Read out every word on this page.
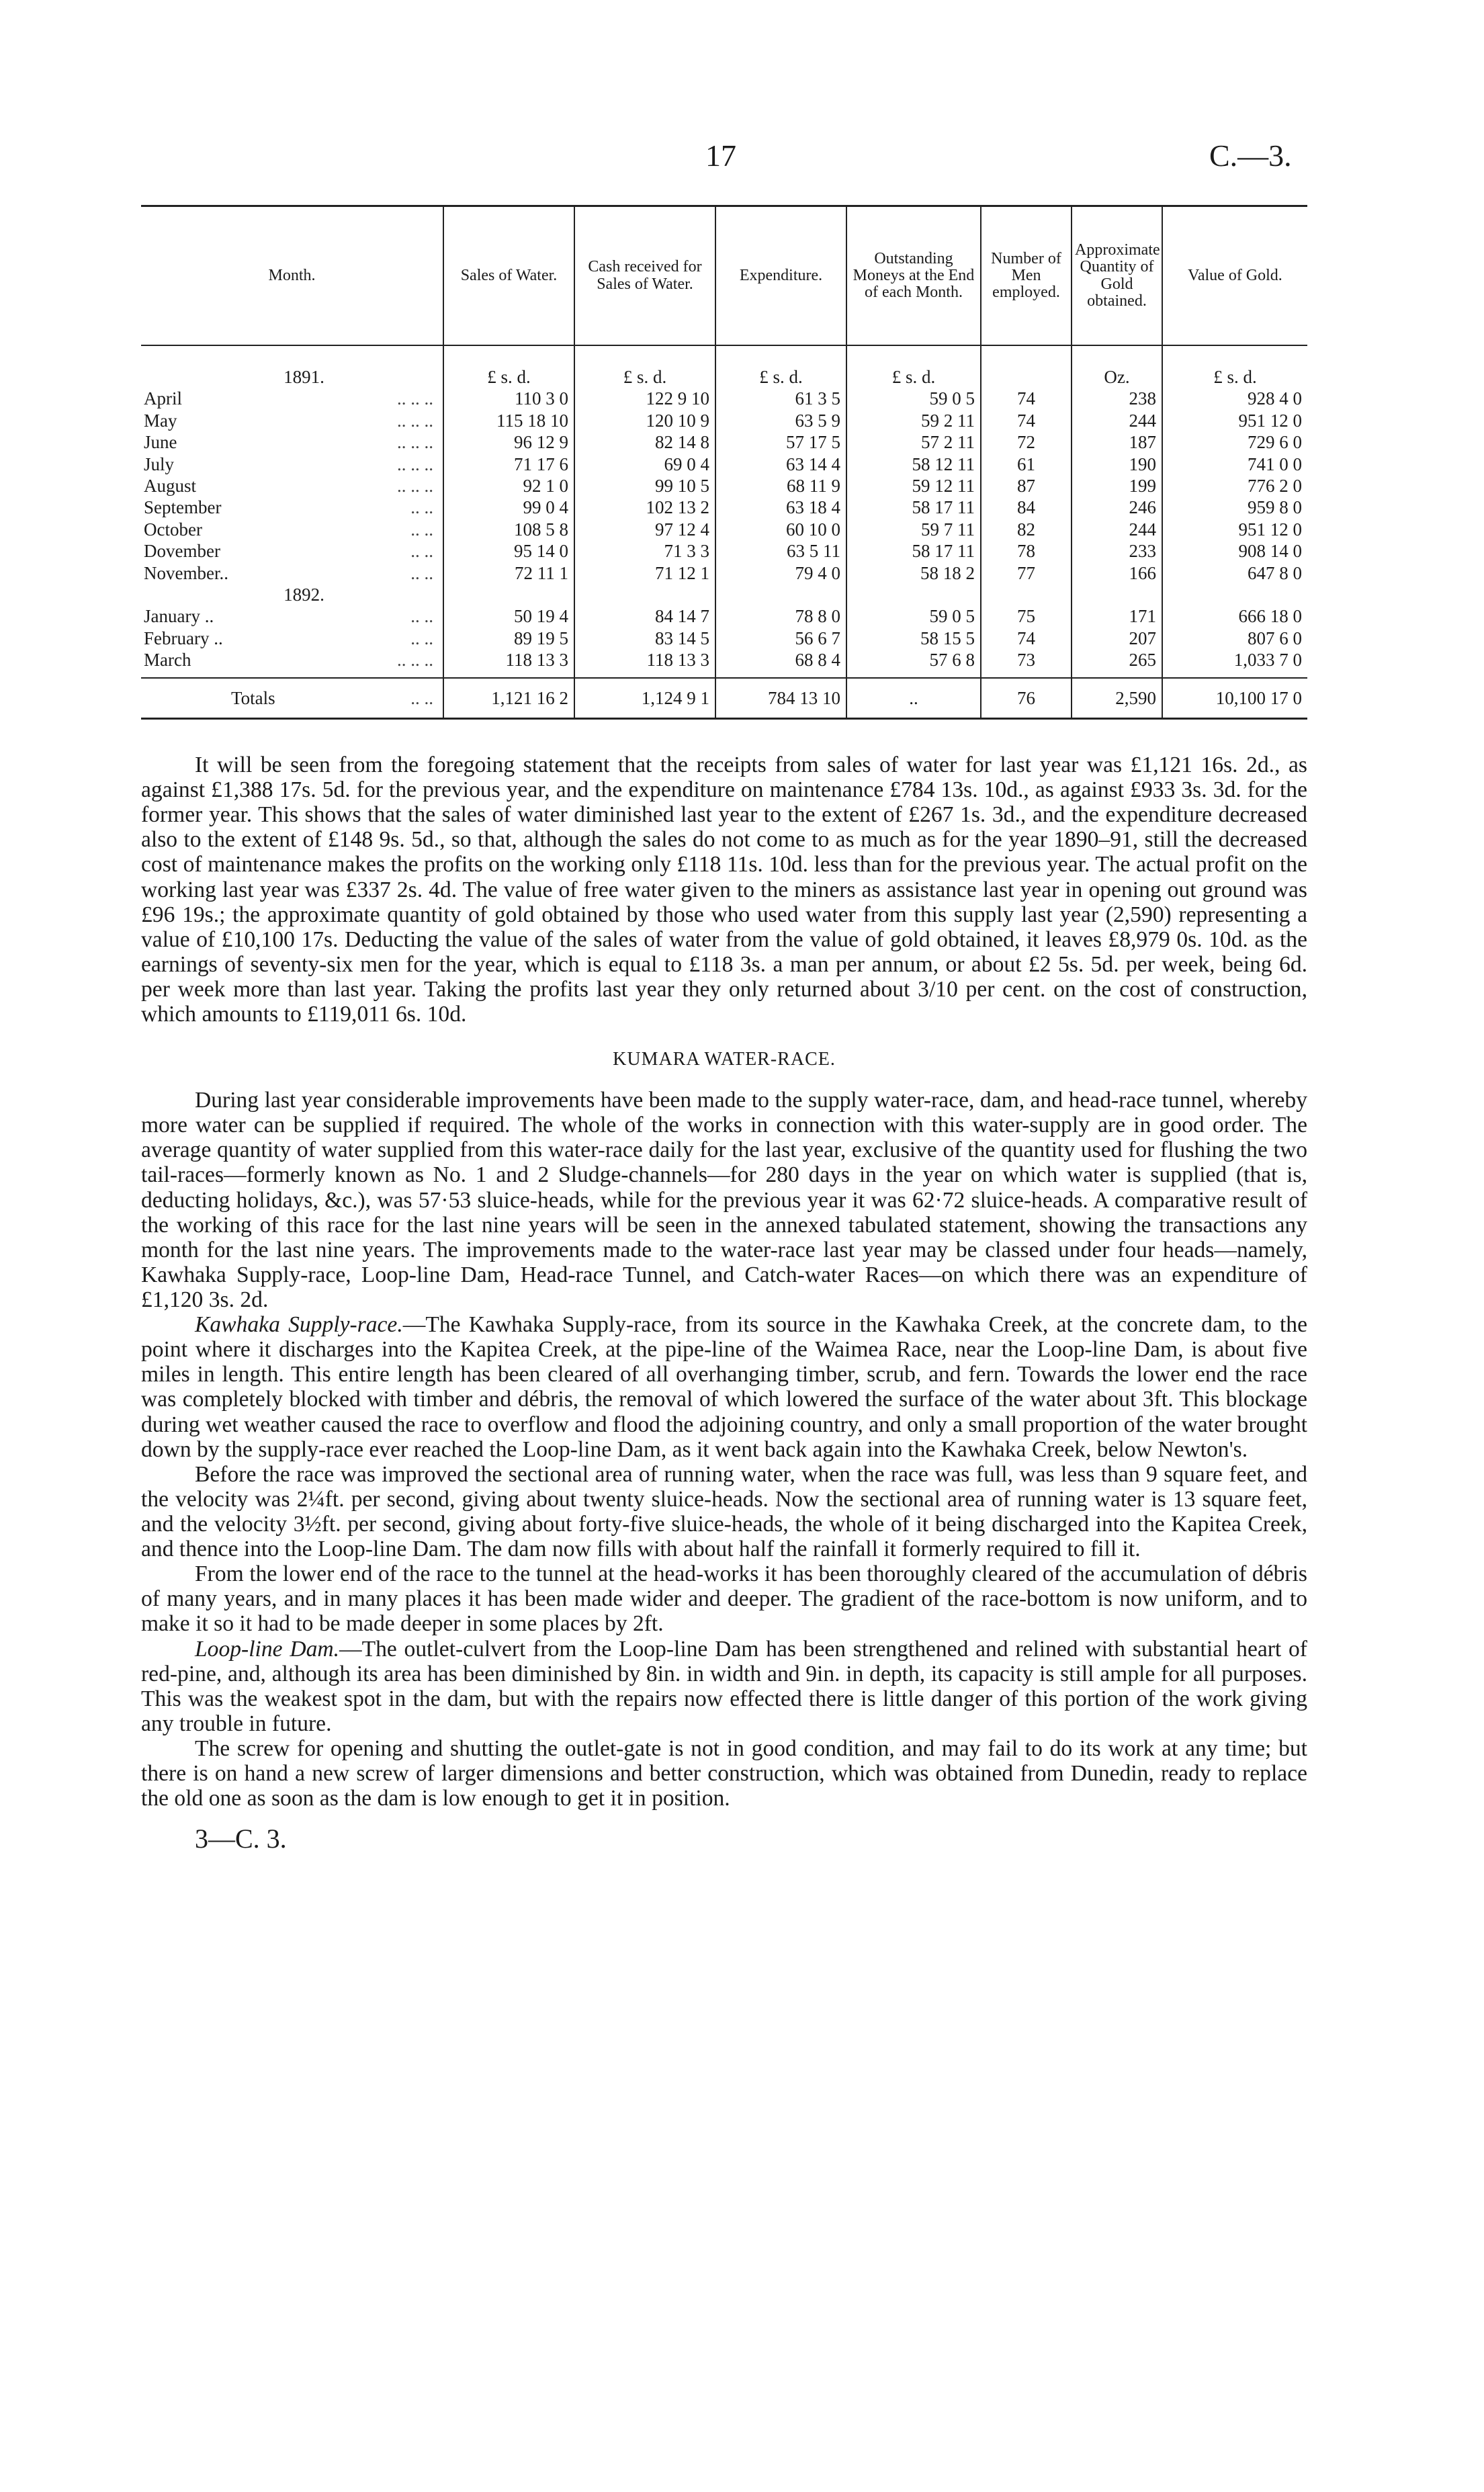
17	C.—3.
Month.	Sales of Water.	Cash received for Sales of Water.	Expenditure.	Outstanding Moneys at the End of each Month.	Number of Men employed.	Approximate Quantity of Gold obtained.	Value of Gold.

1891.	£ s. d.	£ s. d.	£ s. d.	£ s. d.		Oz.	£ s. d.
April .. .. ..	110 3 0	122 9 10	61 3 5	59 0 5	74	238	928 4 0
May .. .. ..	115 18 10	120 10 9	63 5 9	59 2 11	74	244	951 12 0
June .. .. ..	96 12 9	82 14 8	57 17 5	57 2 11	72	187	729 6 0
July .. .. ..	71 17 6	69 0 4	63 14 4	58 12 11	61	190	741 0 0
August .. .. ..	92 1 0	99 10 5	68 11 9	59 12 11	87	199	776 2 0
September .. ..	99 0 4	102 13 2	63 18 4	58 17 11	84	246	959 8 0
October .. ..	108 5 8	97 12 4	60 10 0	59 7 11	82	244	951 12 0
Dovember .. ..	95 14 0	71 3 3	63 5 11	58 17 11	78	233	908 14 0
November.. .. ..	72 11 1	71 12 1	79 4 0	58 18 2	77	166	647 8 0

1892.							

January .. .. ..	50 19 4	84 14 7	78 8 0	59 0 5	75	171	666 18 0
February .. .. ..	89 19 5	83 14 5	56 6 7	58 15 5	74	207	807 6 0
March .. .. ..	118 13 3	118 13 3	68 8 4	57 6 8	73	265	1,033 7 0
Totals .. ..	1,121 16 2	1,124 9 1	784 13 10	..	76	2,590	10,100 17 0

It will be seen from the foregoing statement that the receipts from sales of water for last year was £1,121 16s. 2d., as against £1,388 17s. 5d. for the previous year, and the expenditure on maintenance £784 13s. 10d., as against £933 3s. 3d. for the former year. This shows that the sales of water diminished last year to the extent of £267 1s. 3d., and the expenditure decreased also to the extent of £148 9s. 5d., so that, although the sales do not come to as much as for the year 1890–91, still the decreased cost of maintenance makes the profits on the working only £118 11s. 10d. less than for the previous year. The actual profit on the working last year was £337 2s. 4d. The value of free water given to the miners as assistance last year in opening out ground was £96 19s.; the approximate quantity of gold obtained by those who used water from this supply last year (2,590) representing a value of £10,100 17s. Deducting the value of the sales of water from the value of gold obtained, it leaves £8,979 0s. 10d. as the earnings of seventy-six men for the year, which is equal to £118 3s. a man per annum, or about £2 5s. 5d. per week, being 6d. per week more than last year. Taking the profits last year they only returned about 3/10 per cent. on the cost of construction, which amounts to £119,011 6s. 10d.

KUMARA WATER-RACE.

During last year considerable improvements have been made to the supply water-race, dam, and head-race tunnel, whereby more water can be supplied if required. The whole of the works in connection with this water-supply are in good order. The average quantity of water supplied from this water-race daily for the last year, exclusive of the quantity used for flushing the two tail-races—formerly known as No. 1 and 2 Sludge-channels—for 280 days in the year on which water is supplied (that is, deducting holidays, &c.), was 57·53 sluice-heads, while for the previous year it was 62·72 sluice-heads. A comparative result of the working of this race for the last nine years will be seen in the annexed tabulated statement, showing the transactions any month for the last nine years. The improvements made to the water-race last year may be classed under four heads—namely, Kawhaka Supply-race, Loop-line Dam, Head-race Tunnel, and Catch-water Races—on which there was an expenditure of £1,120 3s. 2d.

Kawhaka Supply-race.—The Kawhaka Supply-race, from its source in the Kawhaka Creek, at the concrete dam, to the point where it discharges into the Kapitea Creek, at the pipe-line of the Waimea Race, near the Loop-line Dam, is about five miles in length. This entire length has been cleared of all overhanging timber, scrub, and fern. Towards the lower end the race was completely blocked with timber and débris, the removal of which lowered the surface of the water about 3ft. This blockage during wet weather caused the race to overflow and flood the adjoining country, and only a small proportion of the water brought down by the supply-race ever reached the Loop-line Dam, as it went back again into the Kawhaka Creek, below Newton's.

Before the race was improved the sectional area of running water, when the race was full, was less than 9 square feet, and the velocity was 2¼ft. per second, giving about twenty sluice-heads. Now the sectional area of running water is 13 square feet, and the velocity 3½ft. per second, giving about forty-five sluice-heads, the whole of it being discharged into the Kapitea Creek, and thence into the Loop-line Dam. The dam now fills with about half the rainfall it formerly required to fill it.

From the lower end of the race to the tunnel at the head-works it has been thoroughly cleared of the accumulation of débris of many years, and in many places it has been made wider and deeper. The gradient of the race-bottom is now uniform, and to make it so it had to be made deeper in some places by 2ft.

Loop-line Dam.—The outlet-culvert from the Loop-line Dam has been strengthened and relined with substantial heart of red-pine, and, although its area has been diminished by 8in. in width and 9in. in depth, its capacity is still ample for all purposes. This was the weakest spot in the dam, but with the repairs now effected there is little danger of this portion of the work giving any trouble in future.

The screw for opening and shutting the outlet-gate is not in good condition, and may fail to do its work at any time; but there is on hand a new screw of larger dimensions and better construction, which was obtained from Dunedin, ready to replace the old one as soon as the dam is low enough to get it in position.

3—C. 3.
